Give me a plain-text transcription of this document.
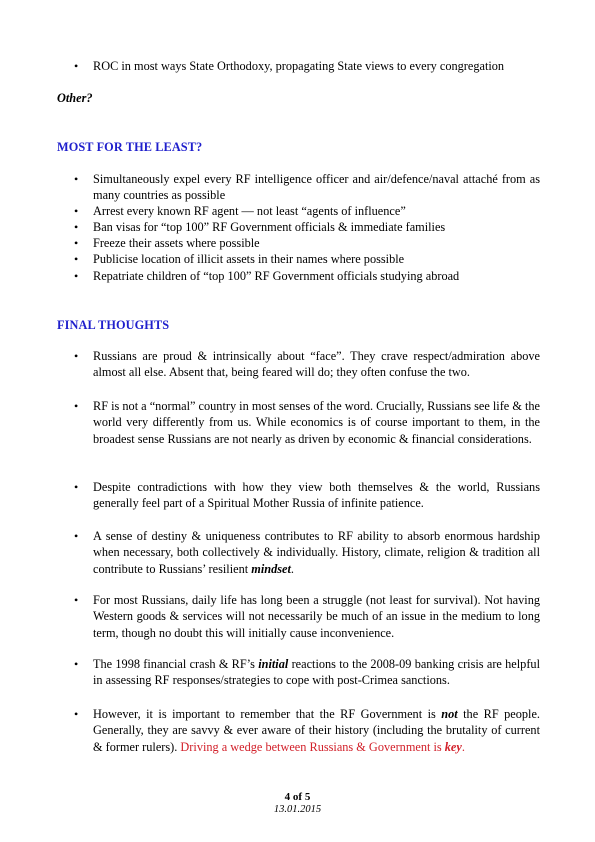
• ROC in most ways State Orthodoxy, propagating State views to every congregation
Other?
MOST FOR THE LEAST?
• Simultaneously expel every RF intelligence officer and air/defence/naval attaché from as many countries as possible
• Arrest every known RF agent — not least “agents of influence”
• Ban visas for “top 100” RF Government officials & immediate families
• Freeze their assets where possible
• Publicise location of illicit assets in their names where possible
• Repatriate children of “top 100” RF Government officials studying abroad
FINAL THOUGHTS
• Russians are proud & intrinsically about “face”. They crave respect/admiration above almost all else. Absent that, being feared will do; they often confuse the two.
• RF is not a “normal” country in most senses of the word. Crucially, Russians see life & the world very differently from us. While economics is of course important to them, in the broadest sense Russians are not nearly as driven by economic & financial considerations.
• Despite contradictions with how they view both themselves & the world, Russians generally feel part of a Spiritual Mother Russia of infinite patience.
• A sense of destiny & uniqueness contributes to RF ability to absorb enormous hardship when necessary, both collectively & individually. History, climate, religion & tradition all contribute to Russians’ resilient mindset.
• For most Russians, daily life has long been a struggle (not least for survival). Not having Western goods & services will not necessarily be much of an issue in the medium to long term, though no doubt this will initially cause inconvenience.
• The 1998 financial crash & RF’s initial reactions to the 2008-09 banking crisis are helpful in assessing RF responses/strategies to cope with post-Crimea sanctions.
• However, it is important to remember that the RF Government is not the RF people. Generally, they are savvy & ever aware of their history (including the brutality of current & former rulers). Driving a wedge between Russians & Government is key.
4 of 5
13.01.2015
